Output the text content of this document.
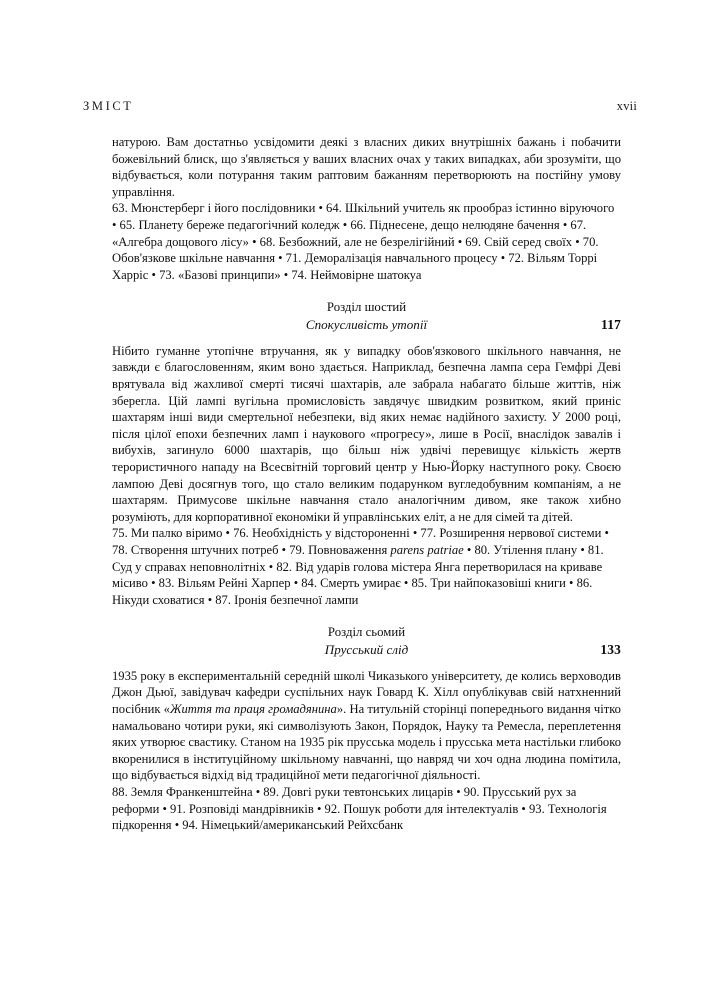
ЗМІСТ	xvii

натурою. Вам достатньо усвідомити деякі з власних диких внутрішніх бажань і побачити божевільний блиск, що з'являється у ваших власних очах у таких випадках, аби зрозуміти, що відбувається, коли потурання таким раптовим бажанням перетворюють на постійну умову управління.

63. Мюнстерберг і його послідовники • 64. Шкільний учитель як прообраз істинно віруючого • 65. Планету береже педагогічний коледж • 66. Піднесене, дещо нелюдяне бачення • 67. «Алгебра дощового лісу» • 68. Безбожний, але не безрелігійний • 69. Свій серед своїх • 70. Обов'язкове шкільне навчання • 71. Деморалізація навчального процесу • 72. Вільям Торрі Харріс • 73. «Базові принципи» • 74. Неймовірне шатокуа

Розділ шостий
Спокусливість утопії	117

Нібито гуманне утопічне втручання, як у випадку обов'язкового шкільного навчання, не завжди є благословенням, яким воно здається. Наприклад, безпечна лампа сера Гемфрі Деві врятувала від жахливої смерті тисячі шахтарів, але забрала набагато більше життів, ніж зберегла. Цій лампі вугільна промисловість завдячує швидким розвитком, який приніс шахтарям інші види смертельної небезпеки, від яких немає надійного захисту. У 2000 році, після цілої епохи безпечних ламп і наукового «прогресу», лише в Росії, внаслідок завалів і вибухів, загинуло 6000 шахтарів, що більш ніж удвічі перевищує кількість жертв терористичного нападу на Всесвітній торговий центр у Нью-Йорку наступного року. Своєю лампою Деві досягнув того, що стало великим подарунком вугледобувним компаніям, а не шахтарям. Примусове шкільне навчання стало аналогічним дивом, яке також хибно розуміють, для корпоративної економіки й управлінських еліт, а не для сімей та дітей.

75. Ми палко віримо • 76. Необхідність у відстороненні • 77. Розширення нервової системи • 78. Створення штучних потреб • 79. Повноваження parens patriae • 80. Утілення плану • 81. Суд у справах неповнолітніх • 82. Від ударів голова містера Янга перетворилася на криваве місиво • 83. Вільям Рейні Харпер • 84. Смерть умирає • 85. Три найпоказовіші книги • 86. Нікуди сховатися • 87. Іронія безпечної лампи

Розділ сьомий
Прусський слід	133

1935 року в експериментальній середній школі Чиказького університету, де колись верховодив Джон Дьюї, завідувач кафедри суспільних наук Говард К. Хілл опублікував свій натхненний посібник «Життя та праця громадянина». На титульній сторінці попереднього видання чітко намальовано чотири руки, які символізують Закон, Порядок, Науку та Ремесла, переплетення яких утворює свастику. Станом на 1935 рік прусська модель і прусська мета настільки глибоко вкоренилися в інституційному шкільному навчанні, що навряд чи хоч одна людина помітила, що відбувається відхід від традиційної мети педагогічної діяльності.

88. Земля Франкенштейна • 89. Довгі руки тевтонських лицарів • 90. Прусський рух за реформи • 91. Розповіді мандрівників • 92. Пошук роботи для інтелектуалів • 93. Технологія підкорення • 94. Німецький/американський Рейхсбанк
